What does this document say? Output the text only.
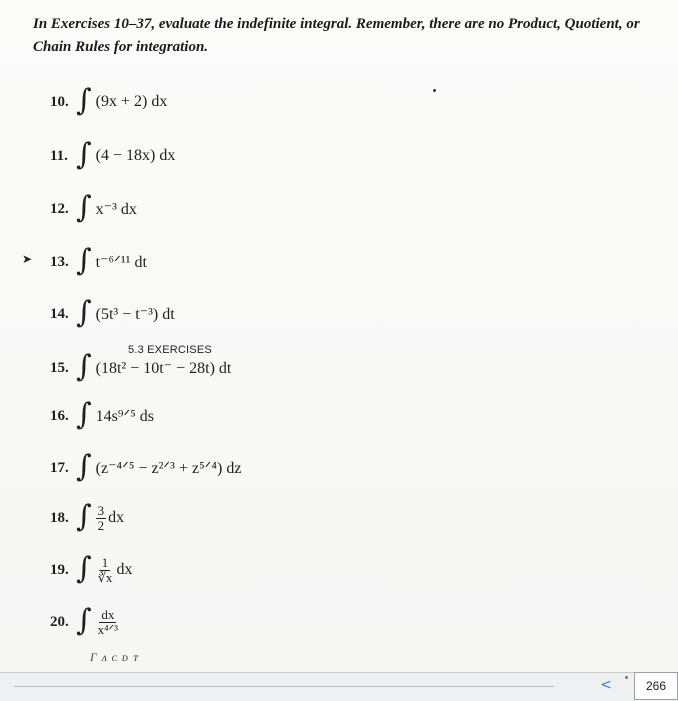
In Exercises 10–37, evaluate the indefinite integral. Remember, there are no Product, Quotient, or Chain Rules for integration.
10. ∫ (9x + 2) dx
11. ∫ (4 − 18x) dx
12. ∫ x⁻³ dx
➤ 13. ∫ t⁻⁶ᐟ¹¹ dt
14. ∫ (5t³ − t⁻³) dt
15. ∫ (18t² − 10t⁻ − 28t) dt
5.3 EXERCISES
16. ∫ 14s⁹ᐟ⁵ ds
17. ∫ (z⁻⁴ᐟ⁵ − z²ᐟ³ + z⁵ᐟ⁴) dz
18. ∫ $\frac{3}{2}$ dx
19. ∫ $\frac{1}{∛x}$ dx
20. ∫ $\frac{dx}{\text{x⁴ᐟ³}}$
Γ ᴧ ᴄ ᴅ ᴛ
<	266
